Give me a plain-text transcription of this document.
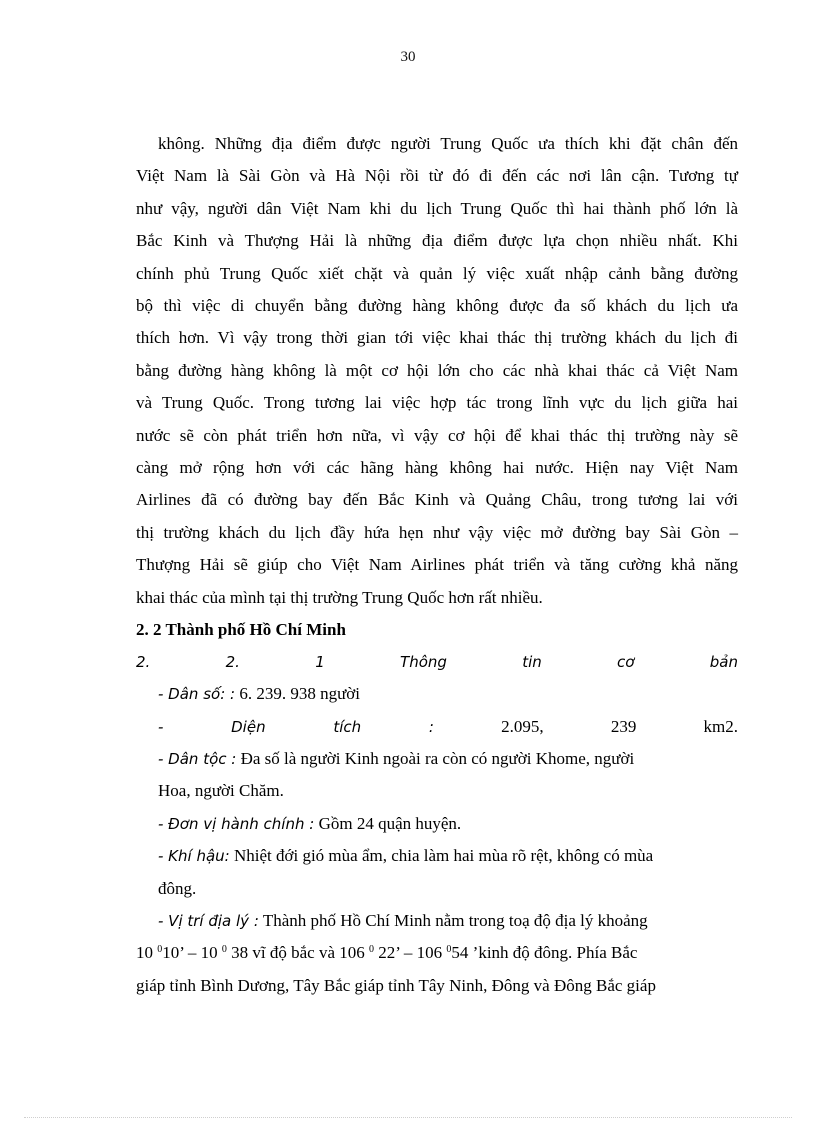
30
không. Những địa điểm được người Trung Quốc ưa thích khi đặt chân đến
Việt Nam là Sài Gòn và Hà Nội rồi từ đó đi đến các nơi lân cận. Tương tự
như vậy, người dân Việt Nam khi du lịch Trung Quốc thì hai thành phố lớn là
Bắc Kinh và Thượng Hải là những địa điểm được lựa chọn nhiều nhất. Khi
chính phủ Trung Quốc xiết chặt và quản lý việc xuất nhập cảnh bằng đường
bộ thì việc di chuyển bằng đường hàng không được đa số khách du lịch ưa
thích hơn. Vì vậy trong thời gian tới việc khai thác thị trường khách du lịch đi
bằng đường hàng không là một cơ hội lớn cho các nhà khai thác cả Việt Nam
và Trung Quốc. Trong tương lai việc hợp tác trong lĩnh vực du lịch giữa hai
nước sẽ còn phát triển hơn nữa, vì vậy cơ hội để khai thác thị trường này sẽ
càng mở rộng hơn với các hãng hàng không hai nước. Hiện nay Việt Nam
Airlines đã có đường bay đến Bắc Kinh và Quảng Châu, trong tương lai với
thị trường khách du lịch đầy hứa hẹn như vậy việc mở đường bay Sài Gòn –
Thượng Hải sẽ giúp cho Việt Nam Airlines phát triển và tăng cường khả năng
khai thác của mình tại thị trường Trung Quốc hơn rất nhiều.

2. 2 Thành phố Hồ Chí Minh

2. 2. 1 Thông tin cơ bản

- Dân số: : 6. 239. 938 người

- Diện tích :	2.095, 239 km2.

- Dân tộc : Đa số là người Kinh ngoài ra còn có người Khome, người

Hoa, người Chăm.

- Đơn vị hành chính : Gồm 24 quận huyện.

- Khí hậu: Nhiệt đới gió mùa ẩm, chia làm hai mùa rõ rệt, không có mùa

đông.

- Vị trí địa lý : Thành phố Hồ Chí Minh nằm trong toạ độ địa lý khoảng

10 $^0$10’ – 10 $^0$ 38 vĩ độ bắc và 106 $^0$ 22’ – 106 $^0$54 ’kinh độ đông. Phía Bắc

giáp tỉnh Bình Dương, Tây Bắc giáp tỉnh Tây Ninh, Đông và Đông Bắc giáp
